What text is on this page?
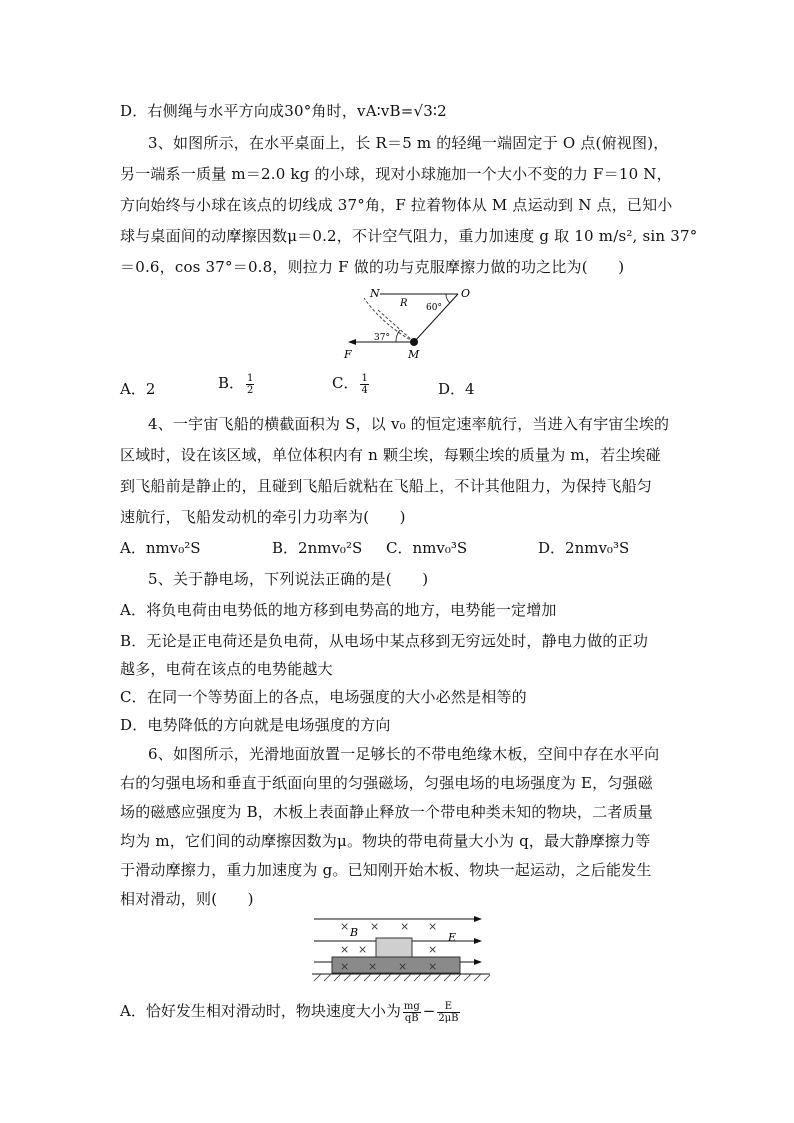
D．右侧绳与水平方向成30°角时，vA∶vB=√3∶2
3、如图所示，在水平桌面上，长 R＝5 m 的轻绳一端固定于 O 点(俯视图)，
另一端系一质量 m＝2.0 kg 的小球，现对小球施加一个大小不变的力 F＝10 N，
方向始终与小球在该点的切线成 37°角，F 拉着物体从 M 点运动到 N 点，已知小
球与桌面间的动摩擦因数μ＝0.2，不计空气阻力，重力加速度 g 取 10 m/s², sin 37°
＝0.6，cos 37°＝0.8，则拉力 F 做的功与克服摩擦力做的功之比为(　　)
N	O
R 60°
37°
F	M
A．2	B． $\frac{1}{2}$	C． $\frac{1}{4}$	D．4
4、一宇宙飞船的横截面积为 S，以 v₀ 的恒定速率航行，当进入有宇宙尘埃的
区域时，设在该区域，单位体积内有 n 颗尘埃，每颗尘埃的质量为 m，若尘埃碰
到飞船前是静止的，且碰到飞船后就粘在飞船上，不计其他阻力，为保持飞船匀
速航行，飞船发动机的牵引力功率为(　　)
A．nmv₀²S	B．2nmv₀²S C．nmv₀³S	D．2nmv₀³S
5、关于静电场，下列说法正确的是(　　)
A．将负电荷由电势低的地方移到电势高的地方，电势能一定增加
B．无论是正电荷还是负电荷，从电场中某点移到无穷远处时，静电力做的正功
越多，电荷在该点的电势能越大
C．在同一个等势面上的各点，电场强度的大小必然是相等的
D．电势降低的方向就是电场强度的方向
6、如图所示，光滑地面放置一足够长的不带电绝缘木板，空间中存在水平向
右的匀强电场和垂直于纸面向里的匀强磁场，匀强电场的电场强度为 E，匀强磁
场的磁感应强度为 B，木板上表面静止释放一个带电种类未知的物块，二者质量
均为 m，它们间的动摩擦因数为μ。物块的带电荷量大小为 q，最大静摩擦力等
于滑动摩擦力，重力加速度为 g。已知刚开始木板、物块一起运动，之后能发生
相对滑动，则(　　)
× × × ×
× ×	×
× × × ×
B	E
A．恰好发生相对滑动时，物块速度大小为 $\frac{mg}{qB} - \frac{E}{2\mu B}$
